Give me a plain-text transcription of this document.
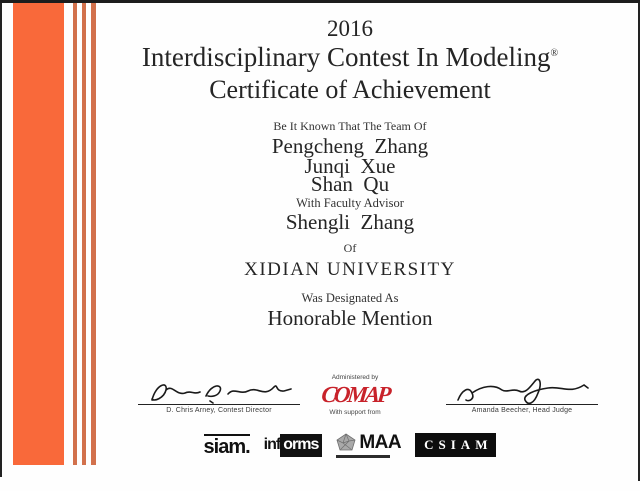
2016
Interdisciplinary Contest In Modeling®
Certificate of Achievement
Be It Known That The Team Of
Pengcheng  Zhang
Junqi  Xue
Shan  Qu
With Faculty Advisor
Shengli  Zhang
Of
XIDIAN UNIVERSITY
Was Designated As
Honorable Mention
D. Chris Arney, Contest Director
Administered by
COMAP
With support from	Amanda Beecher, Head Judge
siam. inf orms MAA	CSIAM
